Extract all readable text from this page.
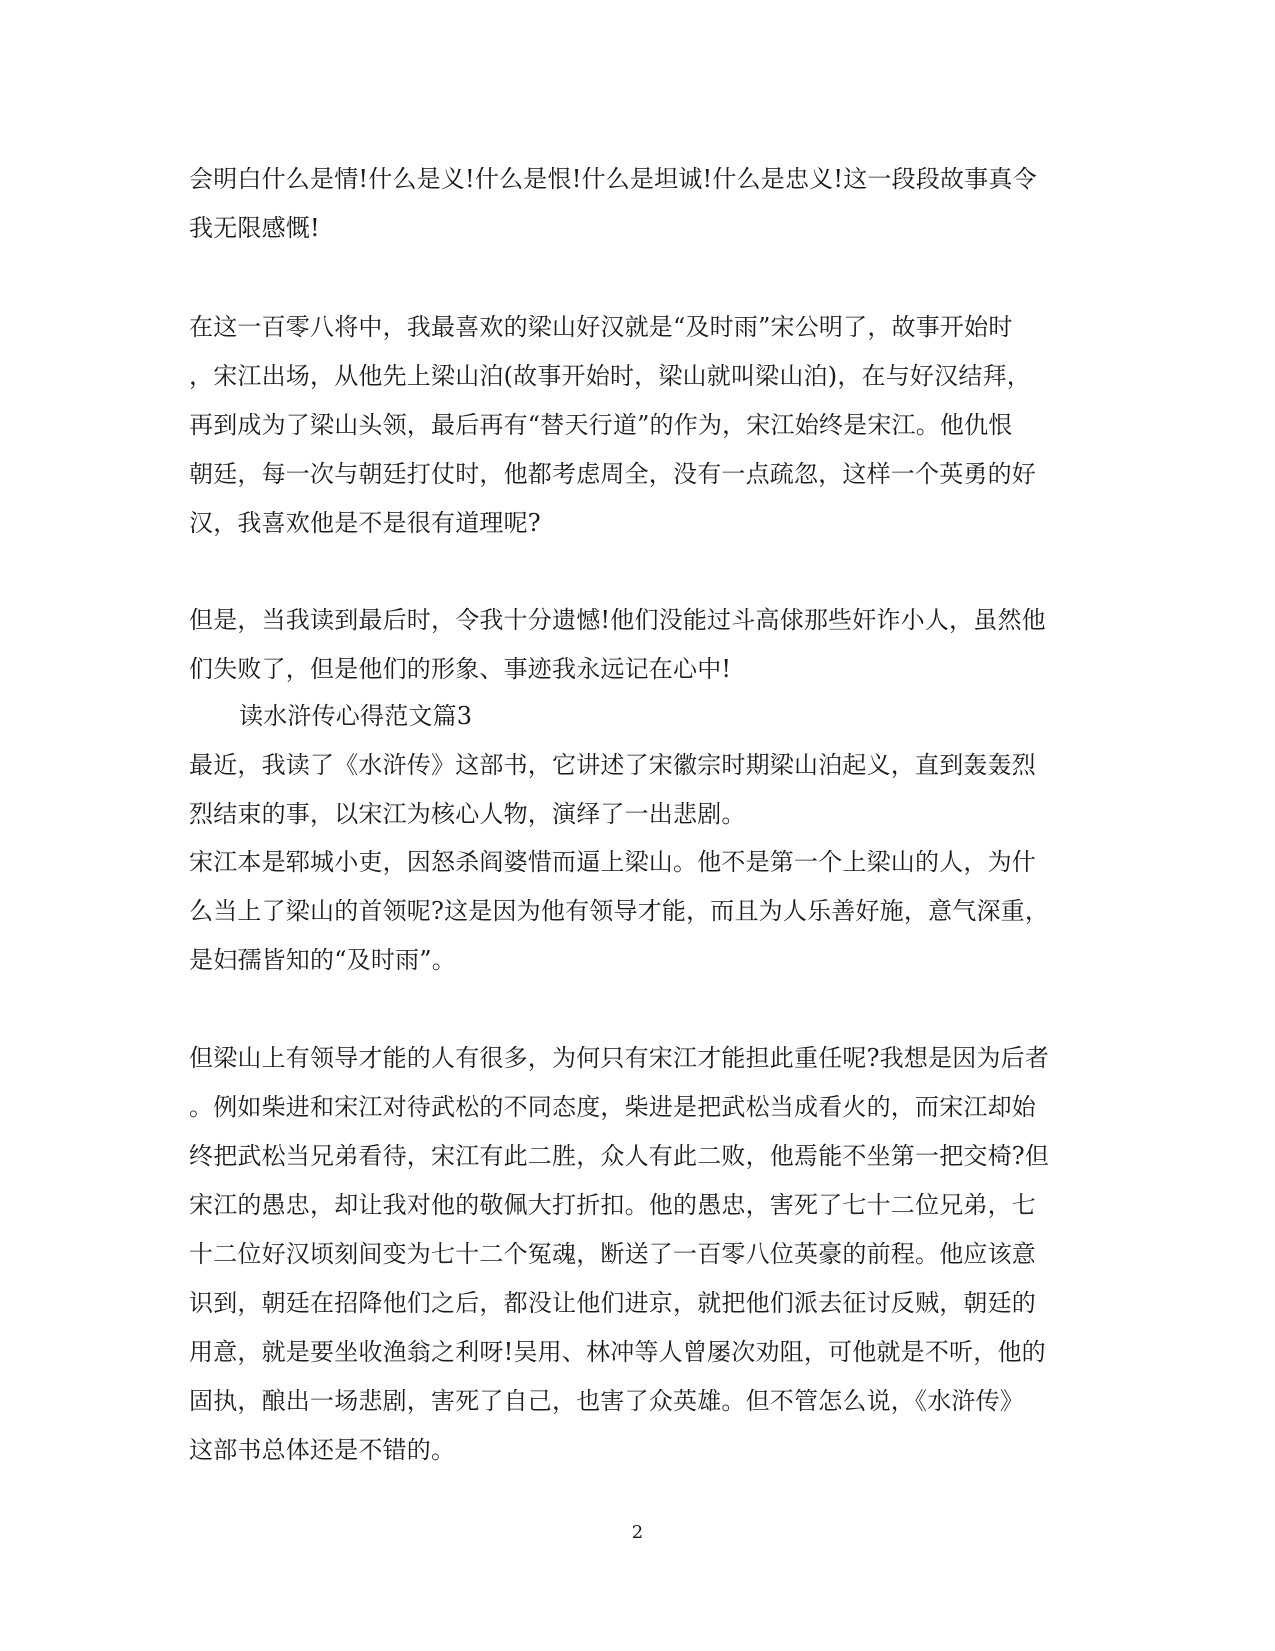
会明白什么是情!什么是义!什么是恨!什么是坦诚!什么是忠义!这一段段故事真令
我无限感慨!
在这一百零八将中，我最喜欢的梁山好汉就是“及时雨”宋公明了，故事开始时
，宋江出场，从他先上梁山泊(故事开始时，梁山就叫梁山泊)，在与好汉结拜，
再到成为了梁山头领，最后再有“替天行道”的作为，宋江始终是宋江。他仇恨
朝廷，每一次与朝廷打仗时，他都考虑周全，没有一点疏忽，这样一个英勇的好
汉，我喜欢他是不是很有道理呢?
但是，当我读到最后时，令我十分遗憾!他们没能过斗高俅那些奸诈小人，虽然他
们失败了，但是他们的形象、事迹我永远记在心中!
读水浒传心得范文篇3
最近，我读了《水浒传》这部书，它讲述了宋徽宗时期梁山泊起义，直到轰轰烈
烈结束的事，以宋江为核心人物，演绎了一出悲剧。
宋江本是郓城小吏，因怒杀阎婆惜而逼上梁山。他不是第一个上梁山的人，为什
么当上了梁山的首领呢?这是因为他有领导才能，而且为人乐善好施，意气深重，
是妇孺皆知的“及时雨”。
但梁山上有领导才能的人有很多，为何只有宋江才能担此重任呢?我想是因为后者
。例如柴进和宋江对待武松的不同态度，柴进是把武松当成看火的，而宋江却始
终把武松当兄弟看待，宋江有此二胜，众人有此二败，他焉能不坐第一把交椅?但
宋江的愚忠，却让我对他的敬佩大打折扣。他的愚忠，害死了七十二位兄弟，七
十二位好汉顷刻间变为七十二个冤魂，断送了一百零八位英豪的前程。他应该意
识到，朝廷在招降他们之后，都没让他们进京，就把他们派去征讨反贼，朝廷的
用意，就是要坐收渔翁之利呀!吴用、林冲等人曾屡次劝阻，可他就是不听，他的
固执，酿出一场悲剧，害死了自己，也害了众英雄。但不管怎么说，《水浒传》
这部书总体还是不错的。
2
